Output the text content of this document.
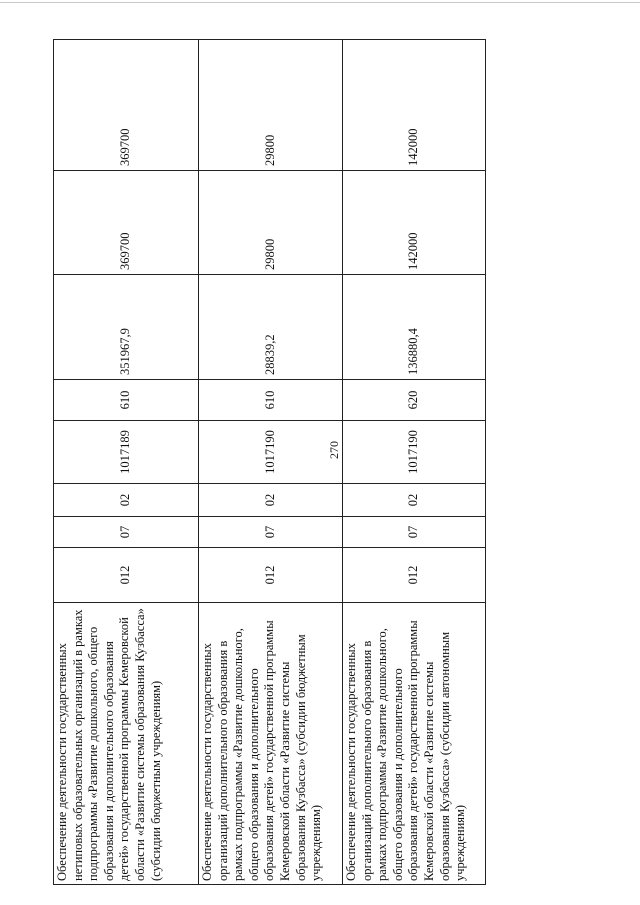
270
Обеспечение деятельности государственных нетиповых образовательных организаций в рамках подпрограммы «Развитие дошкольного, общего образования и дополнительного образования детей» государственной программы Кемеровской области «Развитие системы образования Кузбасса» (субсидии бюджетным учреждениям)	012	07	02	1017189	610	351967,9	369700	369700
Обеспечение деятельности государственных организаций дополнительного образования в рамках подпрограммы «Развитие дошкольного, общего образования и дополнительного образования детей» государственной программы Кемеровской области «Развитие системы образования Кузбасса» (субсидии бюджетным учреждениям)	012	07	02	1017190	610	28839,2	29800	29800
Обеспечение деятельности государственных организаций дополнительного образования в рамках подпрограммы «Развитие дошкольного, общего образования и дополнительного образования детей» государственной программы Кемеровской области «Развитие системы образования Кузбасса» (субсидии автономным учреждениям)	012	07	02	1017190	620	136880,4	142000	142000
